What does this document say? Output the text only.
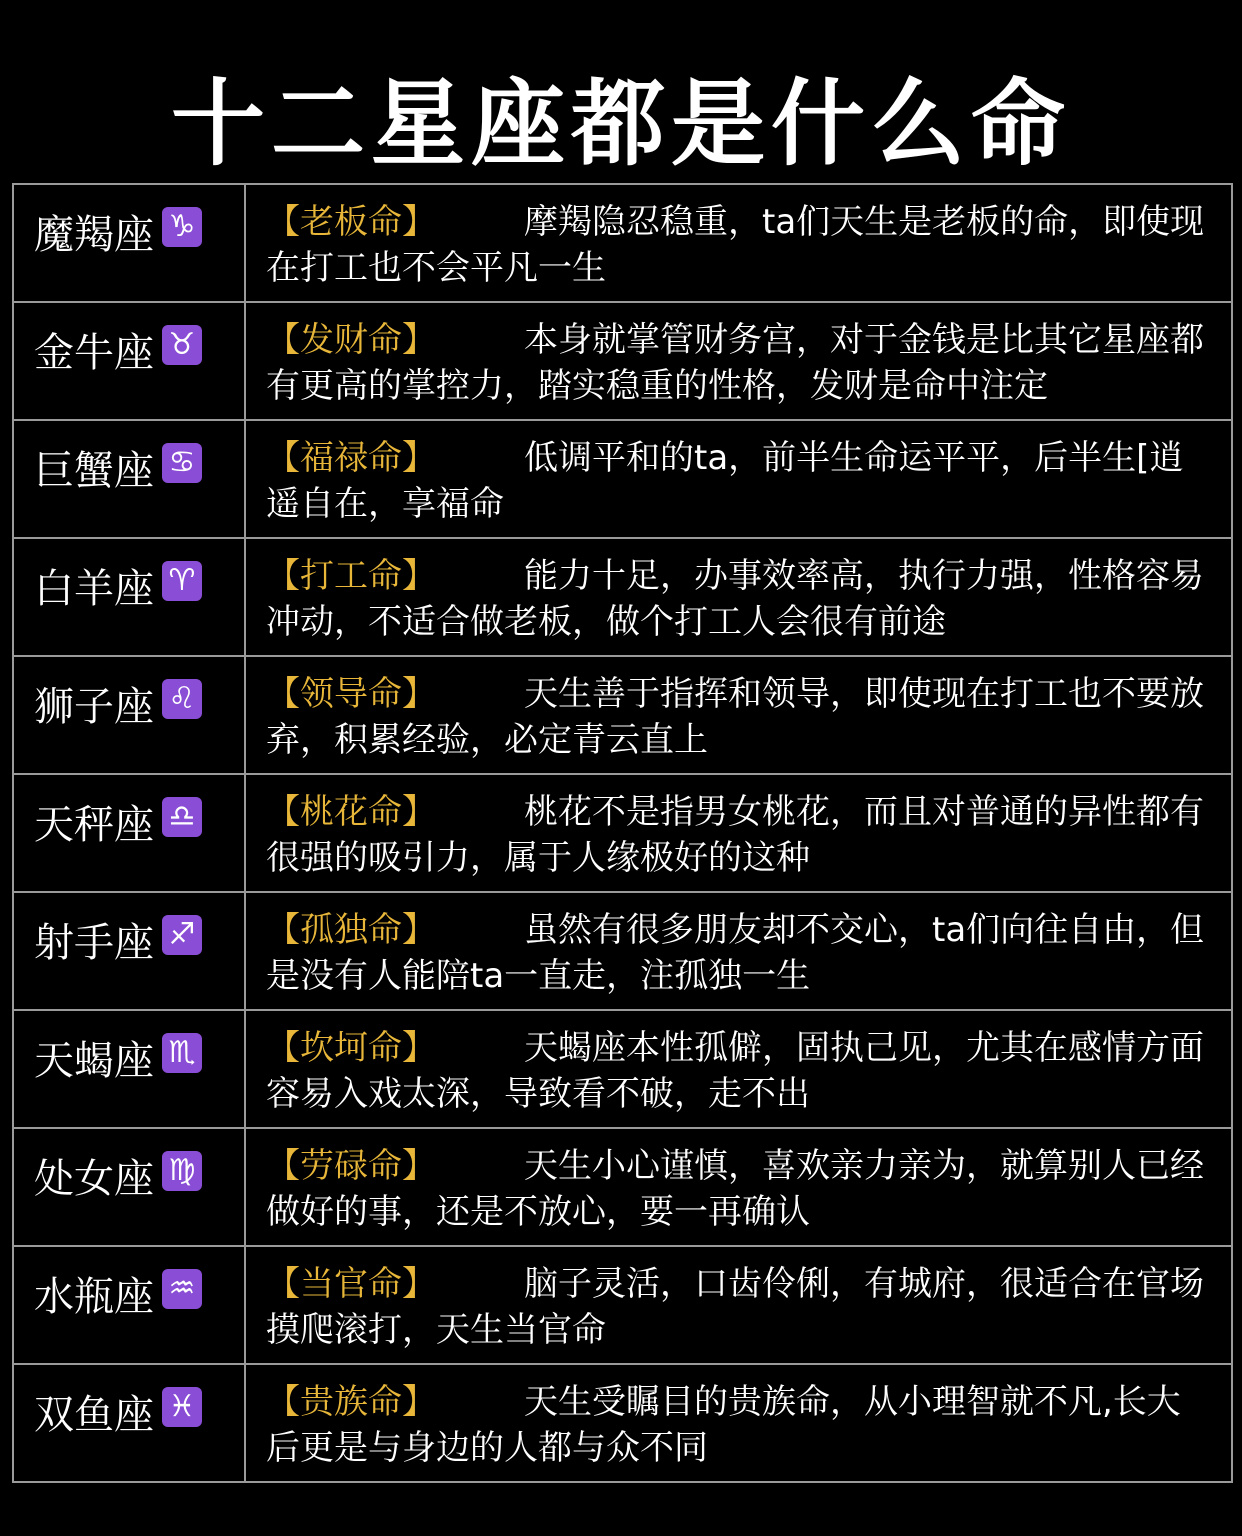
十二星座都是什么命
魔羯座 ♑	【老板命】	摩羯隐忍稳重，ta们天生是老板的命，即使现在打工也不会平凡一生
金牛座 ♉	【发财命】	本身就掌管财务宫，对于金钱是比其它星座都有更高的掌控力，踏实稳重的性格，发财是命中注定
巨蟹座 ♋	【福禄命】	低调平和的ta，前半生命运平平，后半生[逍遥自在，享福命
白羊座 ♈	【打工命】	能力十足，办事效率高，执行力强，性格容易冲动，不适合做老板，做个打工人会很有前途
狮子座 ♌	【领导命】	天生善于指挥和领导，即使现在打工也不要放弃，积累经验，必定青云直上
天秤座 ♎	【桃花命】	桃花不是指男女桃花，而且对普通的异性都有很强的吸引力，属于人缘极好的这种
射手座 ♐	【孤独命】	虽然有很多朋友却不交心，ta们向往自由，但是没有人能陪ta一直走，注孤独一生
天蝎座 ♏	【坎坷命】	天蝎座本性孤僻，固执己见，尤其在感情方面容易入戏太深，导致看不破，走不出
处女座 ♍	【劳碌命】	天生小心谨慎，喜欢亲力亲为，就算别人已经做好的事，还是不放心，要一再确认
水瓶座 ♒	【当官命】	脑子灵活，口齿伶俐，有城府，很适合在官场摸爬滚打，天生当官命
双鱼座 ♓	【贵族命】	天生受瞩目的贵族命，从小理智就不凡,长大后更是与身边的人都与众不同
